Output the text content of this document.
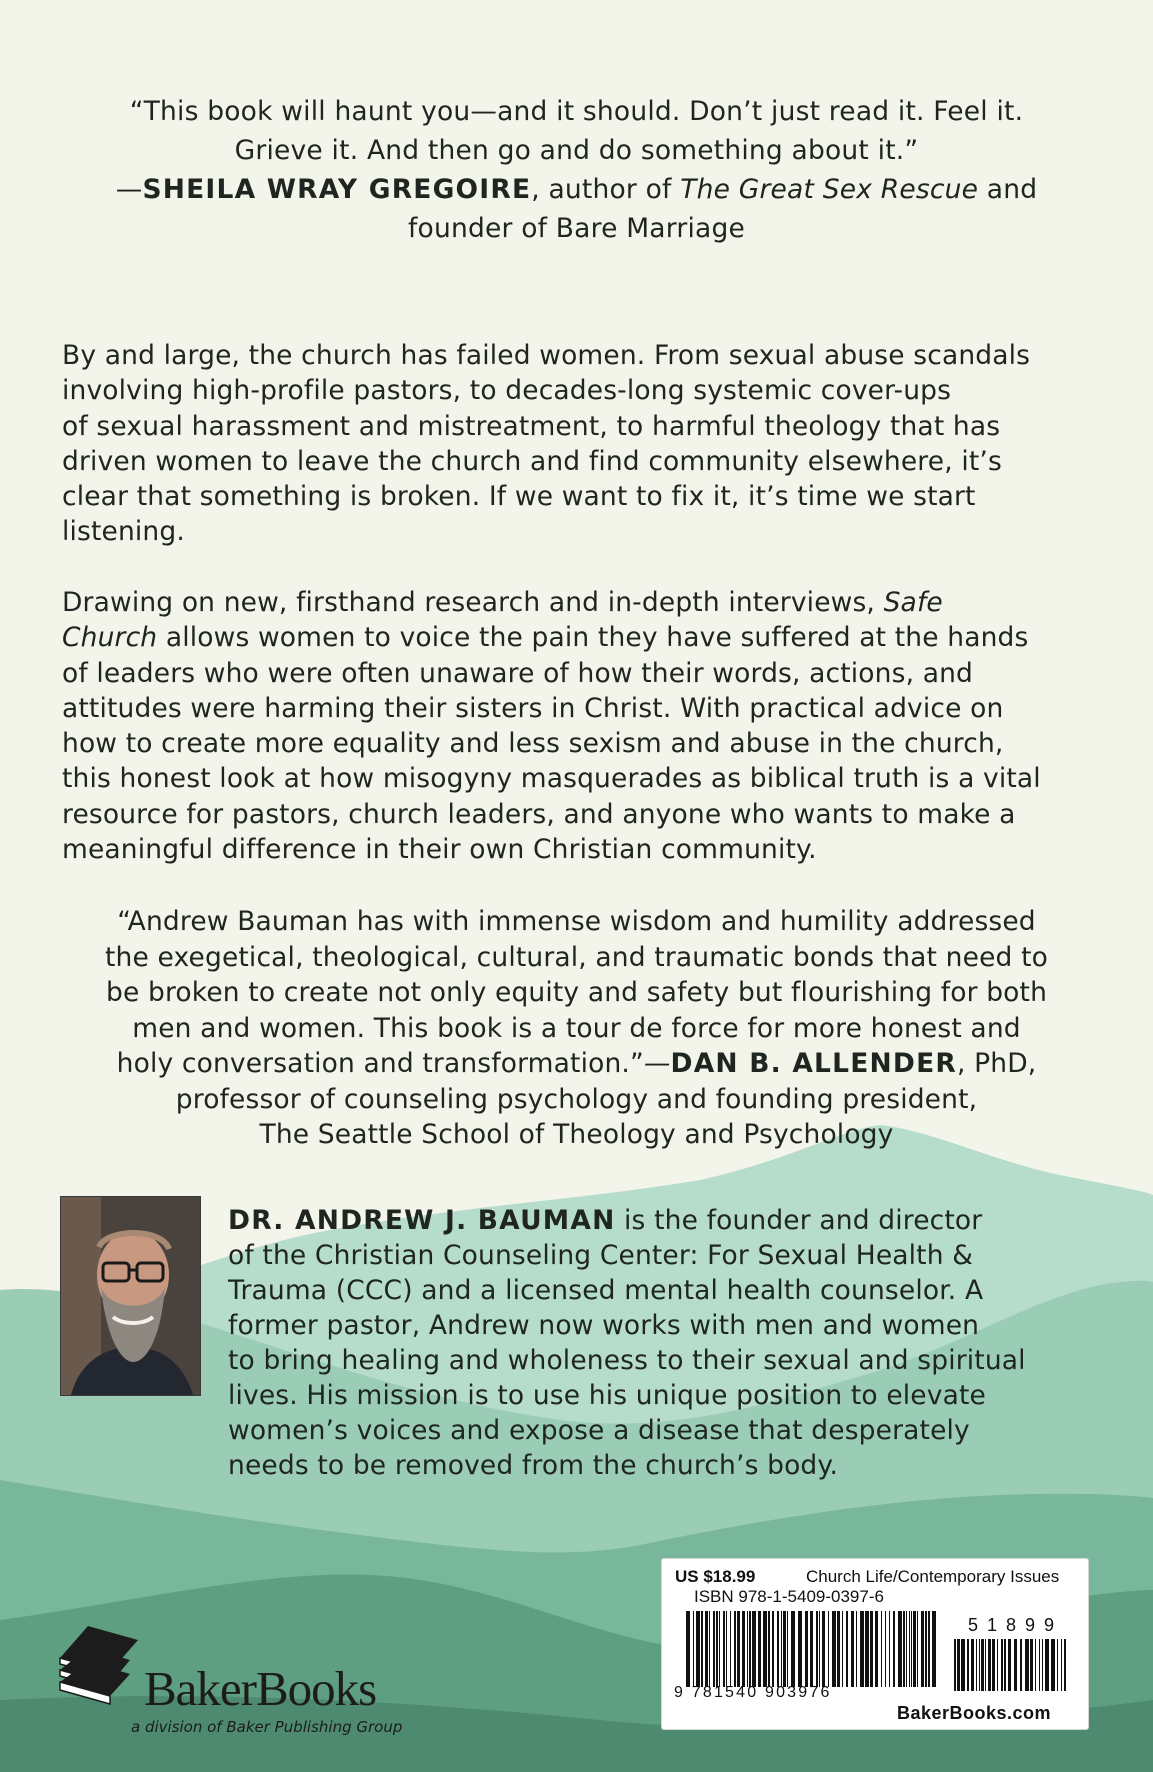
“This book will haunt you—and it should. Don’t just read it. Feel it.
Grieve it. And then go and do something about it.”
—SHEILA WRAY GREGOIRE, author of The Great Sex Rescue and
founder of Bare Marriage
By and large, the church has failed women. From sexual abuse scandals
involving high-profile pastors, to decades-long systemic cover-ups
of sexual harassment and mistreatment, to harmful theology that has
driven women to leave the church and find community elsewhere, it’s
clear that something is broken. If we want to fix it, it’s time we start
listening.
Drawing on new, firsthand research and in-depth interviews, Safe
Church allows women to voice the pain they have suffered at the hands
of leaders who were often unaware of how their words, actions, and
attitudes were harming their sisters in Christ. With practical advice on
how to create more equality and less sexism and abuse in the church,
this honest look at how misogyny masquerades as biblical truth is a vital
resource for pastors, church leaders, and anyone who wants to make a
meaningful difference in their own Christian community.
“Andrew Bauman has with immense wisdom and humility addressed
the exegetical, theological, cultural, and traumatic bonds that need to
be broken to create not only equity and safety but flourishing for both
men and women. This book is a tour de force for more honest and
holy conversation and transformation.”—DAN B. ALLENDER, PhD,
professor of counseling psychology and founding president,
The Seattle School of Theology and Psychology
DR. ANDREW J. BAUMAN is the founder and director
of the Christian Counseling Center: For Sexual Health &
Trauma (CCC) and a licensed mental health counselor. A
former pastor, Andrew now works with men and women
to bring healing and wholeness to their sexual and spiritual
lives. His mission is to use his unique position to elevate
women’s voices and expose a disease that desperately
needs to be removed from the church’s body.
BakerBooks
a division of Baker Publishing Group
US $18.99	Church Life/Contemporary Issues
ISBN 978-1-5409-0397-6
51899
9 781540 903976
BakerBooks.com
